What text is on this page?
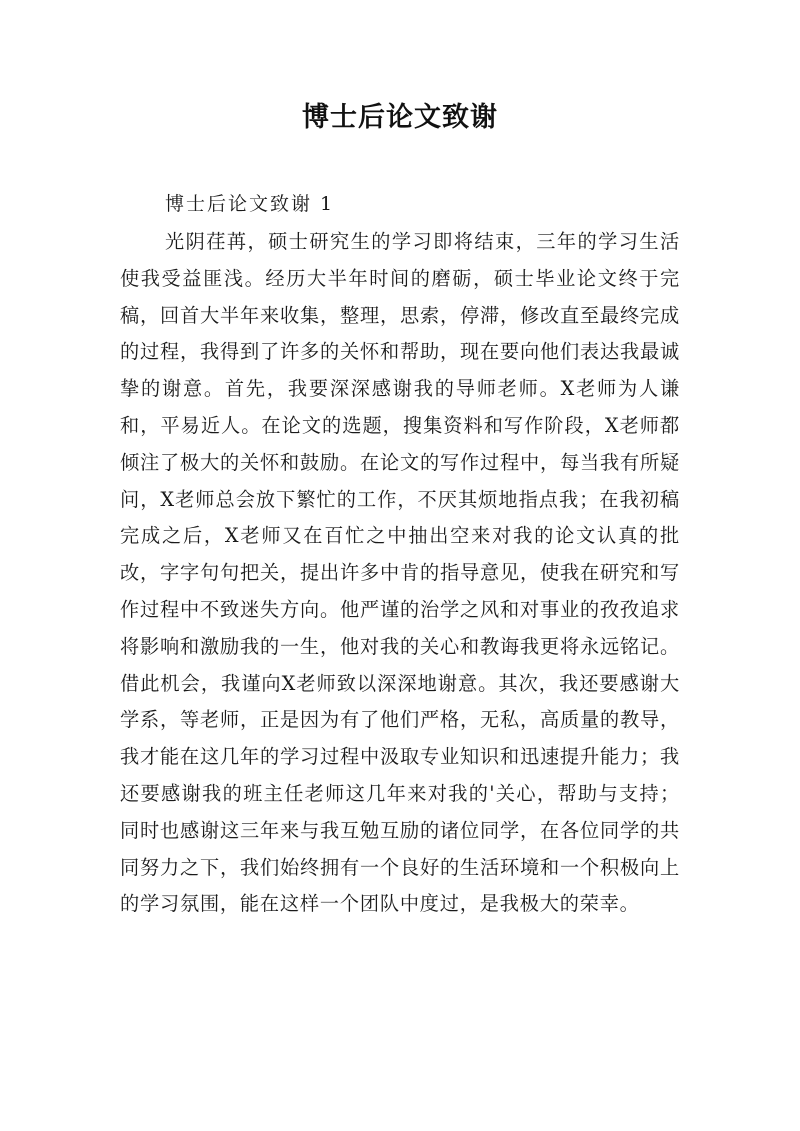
博士后论文致谢
博士后论文致谢 1

光阴荏苒，硕士研究生的学习即将结束，三年的学习生活使我受益匪浅。经历大半年时间的磨砺，硕士毕业论文终于完稿，回首大半年来收集，整理，思索，停滞，修改直至最终完成的过程，我得到了许多的关怀和帮助，现在要向他们表达我最诚挚的谢意。首先，我要深深感谢我的导师老师。X老师为人谦和，平易近人。在论文的选题，搜集资料和写作阶段，X老师都倾注了极大的关怀和鼓励。在论文的写作过程中，每当我有所疑问，X老师总会放下繁忙的工作，不厌其烦地指点我；在我初稿完成之后，X老师又在百忙之中抽出空来对我的论文认真的批改，字字句句把关，提出许多中肯的指导意见，使我在研究和写作过程中不致迷失方向。他严谨的治学之风和对事业的孜孜追求将影响和激励我的一生，他对我的关心和教诲我更将永远铭记。借此机会，我谨向X老师致以深深地谢意。其次，我还要感谢大学系，等老师，正是因为有了他们严格，无私，高质量的教导，我才能在这几年的学习过程中汲取专业知识和迅速提升能力；我还要感谢我的班主任老师这几年来对我的'关心，帮助与支持；同时也感谢这三年来与我互勉互励的诸位同学，在各位同学的共同努力之下，我们始终拥有一个良好的生活环境和一个积极向上的学习氛围，能在这样一个团队中度过，是我极大的荣幸。
